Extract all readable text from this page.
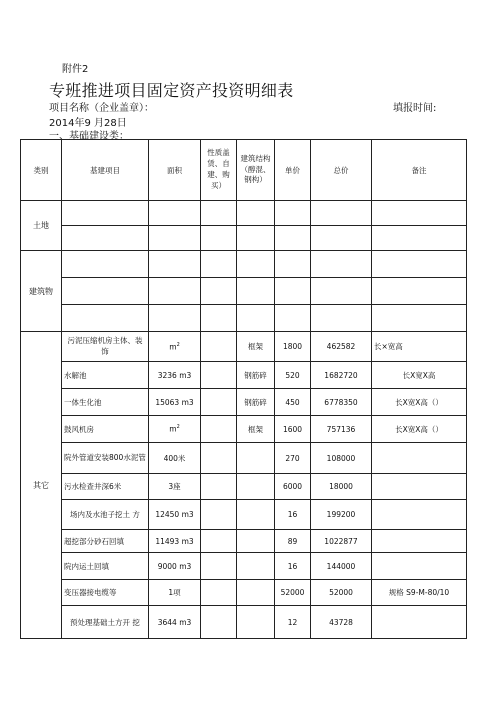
附件2
专班推进项目固定资产投资明细表
项目名称（企业盖章）：	填报时间:
2014年9 月28日
一、基础建设类：
类别	基建项目	面积	性质盖赁、自建、购买）	建筑结构（醇混、钢构）	单价	总价	备注
土地							

建筑物							

其它	污泥压缩机房主体、装饰	$m^2$		框架	1800	462582	长×宽高
	水解池	3236 m3		钢筋碎	520	1682720	长X宽X高
	一体生化池	15063 m3		钢筋碎	450	6778350	长X宽X高（）
	鼓风机房	$m^2$		框架	1600	757136	长X宽X高（）
	院外管道安装800水泥管	400米			270	108000	
	污水检查井深6米	3座			6000	18000	
	场内及水池子挖土 方	12450 m3			16	199200	
	超挖部分砂石回填	11493 m3			89	1022877	
	院内运土回填	9000 m3			16	144000	
	变压器接电缆等	1项			52000	52000	规格 S9-M-80/10
	预处理基础土方开 挖	3644 m3			12	43728	
